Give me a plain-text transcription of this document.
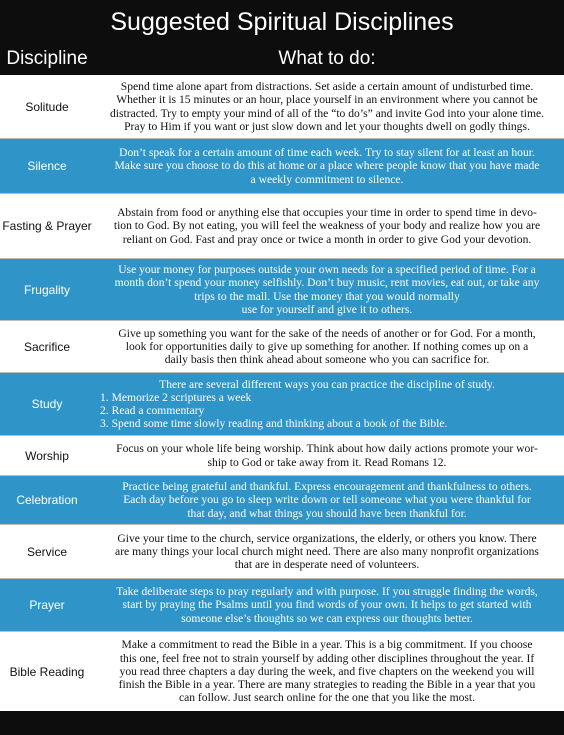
Suggested Spiritual Disciplines
Discipline	What to do:
Solitude
Spend time alone apart from distractions. Set aside a certain amount of undisturbed time.
Whether it is 15 minutes or an hour, place yourself in an environment where you cannot be
distracted. Try to empty your mind of all of the “to do’s” and invite God into your alone time.
Pray to Him if you want or just slow down and let your thoughts dwell on godly things.
Silence
Don’t speak for a certain amount of time each week. Try to stay silent for at least an hour.
Make sure you choose to do this at home or a place where people know that you have made
a weekly commitment to silence.
Fasting & Prayer
Abstain from food or anything else that occupies your time in order to spend time in devo-
tion to God. By not eating, you will feel the weakness of your body and realize how you are
reliant on God. Fast and pray once or twice a month in order to give God your devotion.
Frugality
Use your money for purposes outside your own needs for a specified period of time. For a
month don’t spend your money selfishly. Don’t buy music, rent movies, eat out, or take any
trips to the mall. Use the money that you would normally
use for yourself and give it to others.
Sacrifice
Give up something you want for the sake of the needs of another or for God. For a month,
look for opportunities daily to give up something for another. If nothing comes up on a
daily basis then think ahead about someone who you can sacrifice for.
Study
There are several different ways you can practice the discipline of study.
1. Memorize 2 scriptures a week
2. Read a commentary
3. Spend some time slowly reading and thinking about a book of the Bible.
Worship	Focus on your whole life being worship. Think about how daily actions promote your wor-
ship to God or take away from it. Read Romans 12.
Celebration
Practice being grateful and thankful. Express encouragement and thankfulness to others.
Each day before you go to sleep write down or tell someone what you were thankful for
that day, and what things you should have been thankful for.
Service
Give your time to the church, service organizations, the elderly, or others you know. There
are many things your local church might need. There are also many nonprofit organizations
that are in desperate need of volunteers.
Prayer
Take deliberate steps to pray regularly and with purpose. If you struggle finding the words,
start by praying the Psalms until you find words of your own. It helps to get started with
someone else’s thoughts so we can express our thoughts better.
Bible Reading
Make a commitment to read the Bible in a year. This is a big commitment. If you choose
this one, feel free not to strain yourself by adding other disciplines throughout the year. If
you read three chapters a day during the week, and five chapters on the weekend you will
finish the Bible in a year. There are many strategies to reading the Bible in a year that you
can follow. Just search online for the one that you like the most.
